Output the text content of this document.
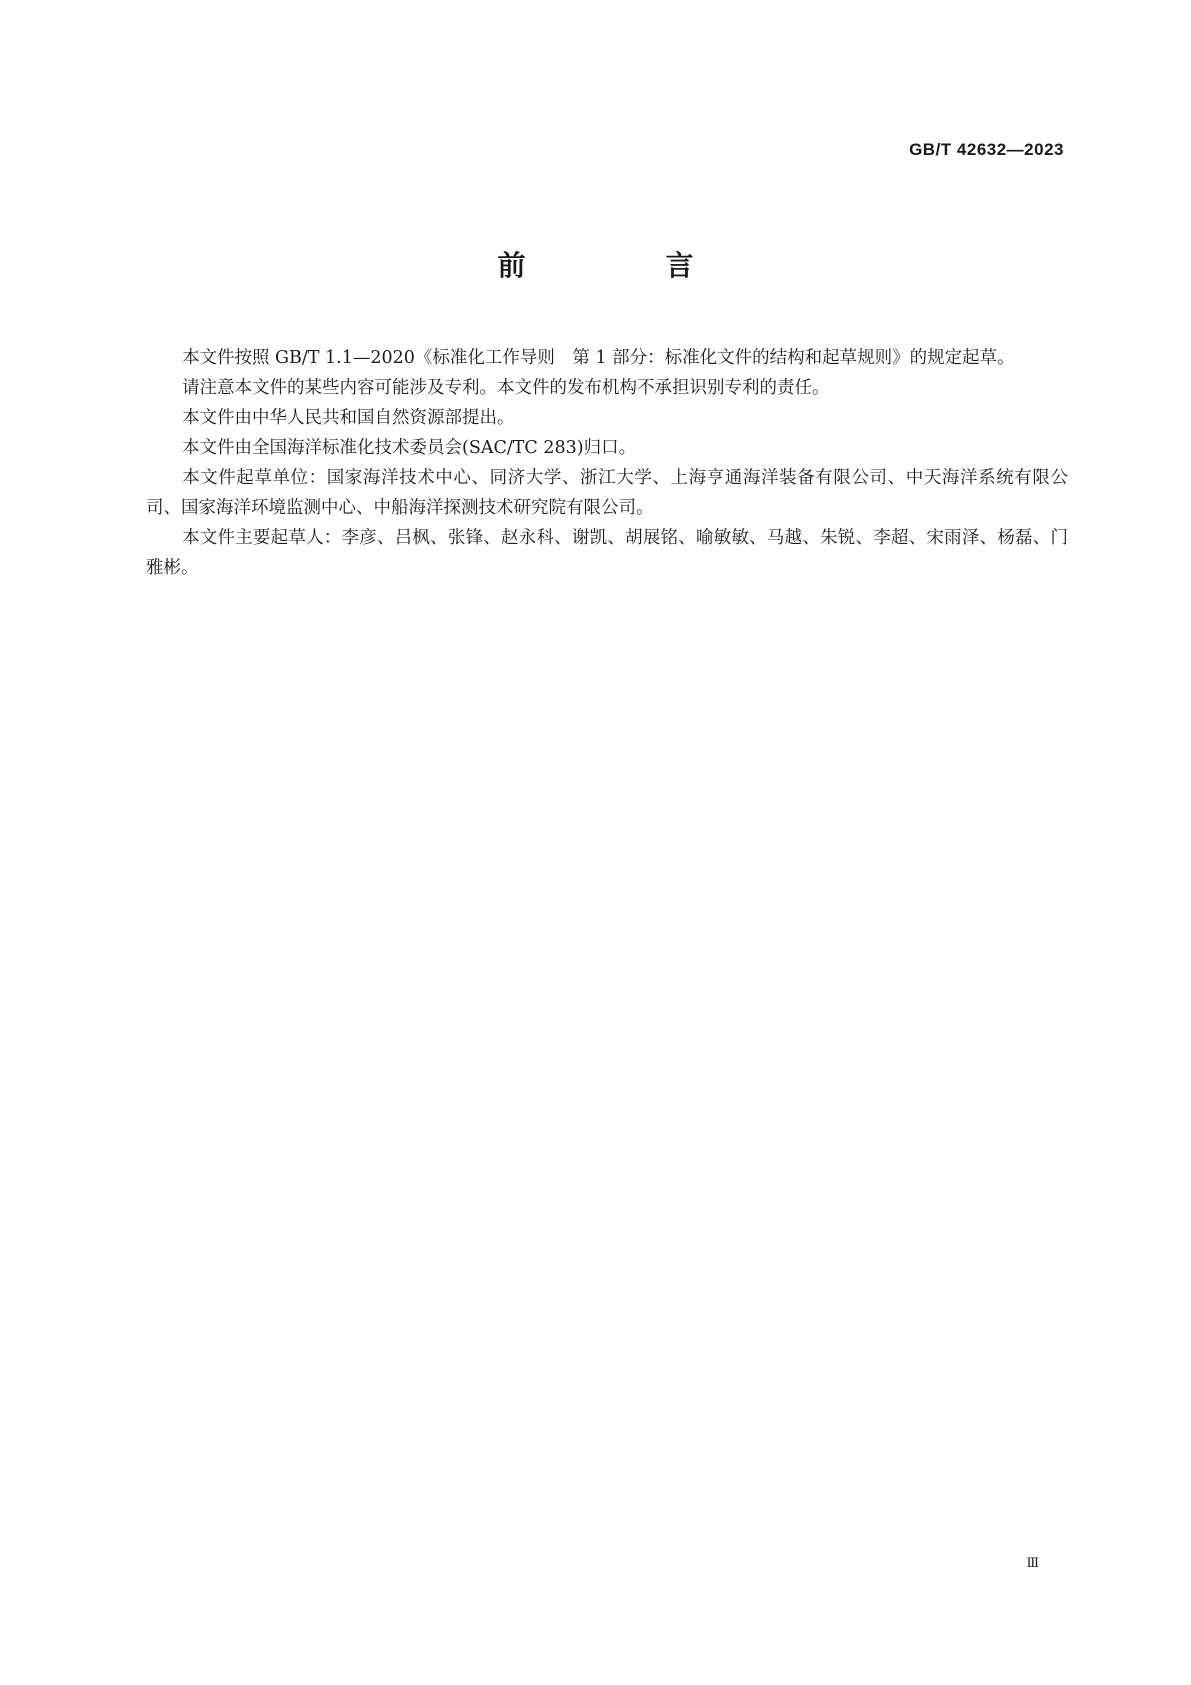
GB/T 42632—2023
前　言

本文件按照 GB/T 1.1—2020《标准化工作导则　第 1 部分：标准化文件的结构和起草规则》的规定起草。

请注意本文件的某些内容可能涉及专利。本文件的发布机构不承担识别专利的责任。

本文件由中华人民共和国自然资源部提出。

本文件由全国海洋标准化技术委员会(SAC/TC 283)归口。

本文件起草单位：国家海洋技术中心、同济大学、浙江大学、上海亨通海洋装备有限公司、中天海洋系统有限公司、国家海洋环境监测中心、中船海洋探测技术研究院有限公司。

本文件主要起草人：李彦、吕枫、张锋、赵永科、谢凯、胡展铭、喻敏敏、马越、朱锐、李超、宋雨泽、杨磊、门雅彬。

Ⅲ
